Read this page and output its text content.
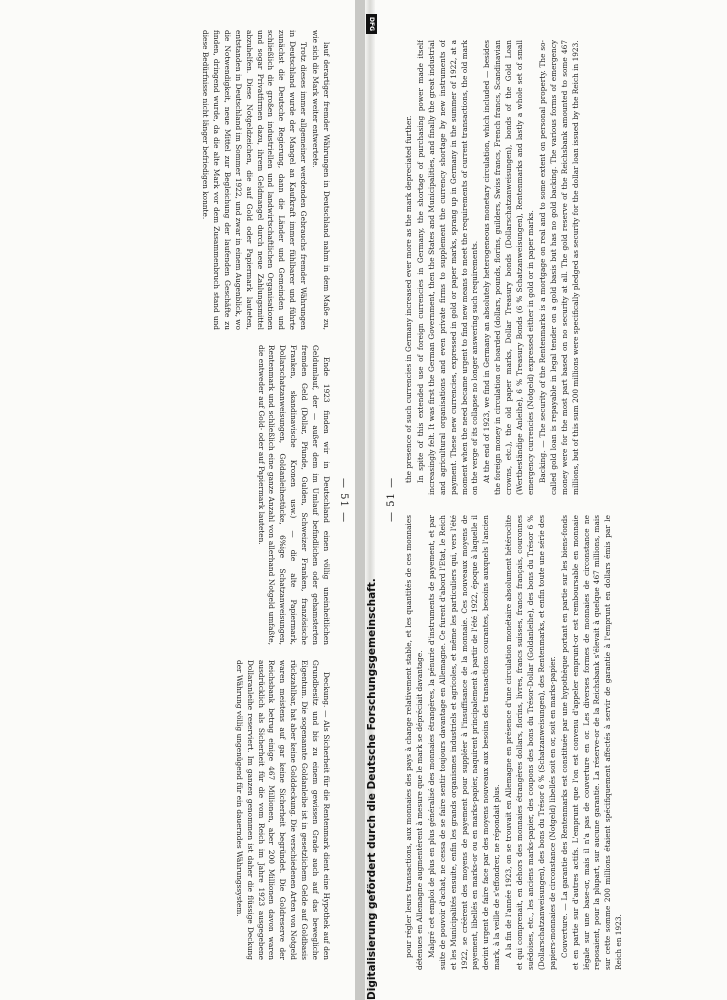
— 51 —

pour régler leurs transactions, aux monnaies des pays à change relativement stable, et les quantités de ces monnaies détenues en Allemagne augmentèrent à mesure que le mark se dépréciait davantage. Malgré cet emploi de plus en plus généralisé des monnaies étrangères, la pénurie d'instruments de payement, et par suite de pouvoir d'achat, ne cessa de se faire sentir toujours davantage en Allemagne. Ce furent d'abord l'Etat, le Reich et les Municipalités ensuite, enfin les grands organismes industriels et agricoles, et même les particuliers qui, vers l'été 1922, se créèrent des moyens de payement pour suppléer à l'insuffisance de la monnaie. Ces nouveaux moyens de payement, libellés en marks-or ou en marks-papier, naquirent principalement à partir de l'été 1922, époque à laquelle il devint urgent de faire face par des moyens nouveaux aux besoins des transactions courantes, besoins auxquels l'ancien mark, à la veille de s'effondrer, ne répondait plus. A la fin de l'année 1923, on se trouvait en Allemagne en présence d'une circulation monétaire absolument hétéroclite et qui comprenait, en dehors des monnaies étrangères dollars, florins, livres, francs suisses, francs français, couronnes suédoises, etc., les anciens marks-papier, des coupons des bons du Trésor-Dollar (Goldanleihe), des bons du Trésor 6 % (Dollarschatzanweisungen), des bons du Trésor 6 % (Schatzanweisungen), des Rentenmarks, et enfin toute une série des papiers-monnaies de circonstance (Notgeld) libellés soit en or, soit en marks-papier. Couverture. — La garantie des Rentenmarks est constituée par une hypothèque portant en partie sur les biens-fonds et en partie sur d'autres actifs. L'emprunt que l'on est convenu d'appeler emprunt-or est remboursable en monnaie légale sur une base-or, mais il n'a pas de couverture en or. Les diverses formes de monnaies de circonstance ne reposaient, pour la plupart, sur aucune garantie. La réserve-or de la Reichsbank s'élevait à quelque 467 millions, mais sur cette somme 200 millions étaient spécifiquement affectés à servir de garantie à l'emprunt en dollars émis par le Reich en 1923.

the presence of such currencies in Germany increased ever more as the mark depreciated further. In spite of this extended use of foreign currencies in Germany, the shortage of purchasing power made itself increasingly felt. It was first the German Government, then the States and Municipalities, and finally the great industrial and agricultural organisations and even private firms to supplement the currency shortage by new instruments of payment. These new currencies, expressed in gold or paper marks, sprang up in Germany in the summer of 1922, at a moment when the need became urgent to find new means to meet the requirements of current transactions, the old mark on the verge of its collapse no longer answering such requirements. At the end of 1923, we find in Germany an absolutely heterogeneous monetary circulation, which included — besides the foreign money in circulation or hoarded (dollars, pounds, florins, guilders, Swiss francs, French francs, Scandinavian crowns, etc.), the old paper marks, Dollar Treasury bonds (Dollarschatzanweisungen), bonds of the Gold Loan (Wertbeständige Anleihe), 6 % Treasury Bonds (6 % Schatzanweisungen), Rentenmarks and lastly a whole set of small emergency currencies (Notgeld) expressed either in gold or in paper marks. Backing. — The security of the Rentenmarks is a mortgage on real and to some extent on personal property. The so-called gold loan is repayable in legal tender on a gold basis but has no gold backing. The various forms of emergency money were for the most part based on no security at all. The gold reserve of the Reichsbank amounted to some 467 millions, but of this sum 200 millions were specifically pledged as security for the dollar loan issued by the Reich in 1923.

— 51 —

lauf derartiger fremder Währungen in Deutschland nahm in dem Maße zu, wie sich die Mark weiter entwertete.

Trotz dieses immer allgemeiner werdenden Gebrauchs fremder Währungen in Deutschland wurde der Mangel an Kaufkraft immer fühlbarer und führte zunächst die Deutsche Regierung, dann die Länder und Gemeinden und schließlich die großen industriellen und landwirtschaftlichen Organisationen und sogar Privatfirmen dazu, ihrem Geldmangel durch neue Zahlungsmittel abzuhelfen. Diese Notgeldzeichen, die auf Gold oder Papiermark lauteten, entstanden in Deutschland im Sommer 1922, und zwar in einem Augenblick, wo die Notwendigkeit, neue Mittel zur Begleichung der laufenden Geschäfte zu finden, dringend wurde, da die alte Mark vor dem Zusammenbruch stand und diese Bedürfnisse nicht länger befriedigen konnte.

Ende 1923 finden wir in Deutschland einen völlig uneinheitlichen Geldumlauf, der — außer dem im Umlauf befindlichen oder gehamsterten fremden Geld (Dollar, Pfunde, Gulden, Schweizer Franken, französische Franken, skandinavische Kronen usw.) — die alte Papiermark, Dollarschatzanweisungen, Goldanleihestücke, 6%ige Schatzanweisungen, Rentenmark und schließlich eine ganze Anzahl von allerhand Notgeld umfaßte, die entweder auf Gold- oder auf Papiermark lauteten.

Deckung. — Als Sicherheit für die Rentenmark dient eine Hypothek auf den Grundbesitz und bis zu einem gewissen Grade auch auf das bewegliche Eigentum. Die sogenannte Goldanleihe ist in gesetzlichem Gelde auf Goldbasis rückzahlbar, hat aber keine Golddeckung. Die verschiedenen Arten von Notgeld waren meistens auf gar keine Sicherheit begründet. Die Goldreserve der Reichsbank betrug einige 467 Millionen, aber 200 Millionen davon waren ausdrücklich als Sicherheit für die vom Reich im Jahre 1923 ausgegebene Dollaranleihe reserviert. Im ganzen genommen ist daher die flüssige Deckung der Währung völlig ungenügend für ein dauerndes Währungssystem.	Digitalisierung gefördert durch die Deutsche Forschungsgemeinschaft.
DFG
